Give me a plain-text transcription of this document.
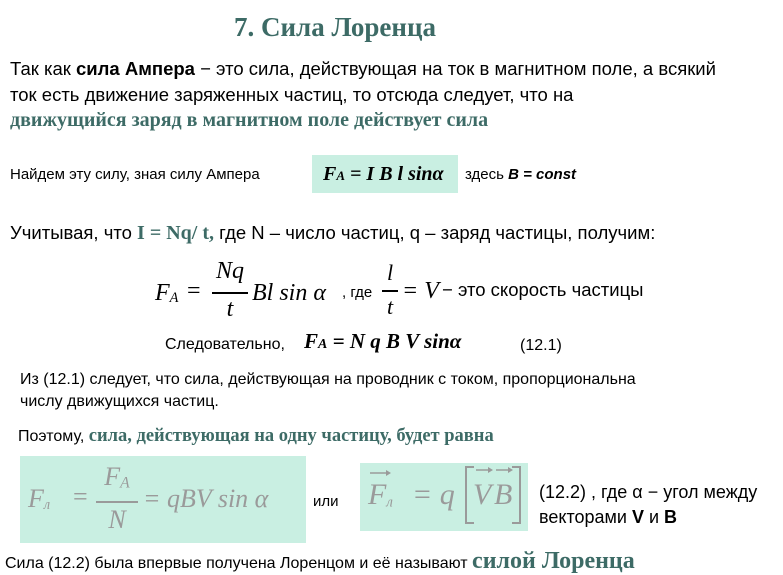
7. Сила Лоренца
Так как сила Ампера − это сила, действующая на ток в магнитном поле, а всякий
ток есть движение заряженных частиц, то отсюда следует, что на
движущийся заряд в магнитном поле действует сила
Найдем эту силу, зная силу Ампера	FA = I B l sinα здесь B = const
Учитывая, что I = Nq/ t, где N – число частиц, q – заряд частицы, получим:
$F_A$ =
Nq
t
Bl sin α , где
l
t
= V − это скорость частицы
Следовательно, FA = N q B V sinα	(12.1)
Из (12.1) следует, что сила, действующая на проводник с током, пропорциональна
числу движущихся частиц.
Поэтому, сила, действующая на одну частицу, будет равна
$F_л$ =
$F_A$
N
= qBV sin α	или $F_л = q$ V B (12.2) , где α − угол между
векторами V и B
Сила (12.2) была впервые получена Лоренцом и её называют силой Лоренца
